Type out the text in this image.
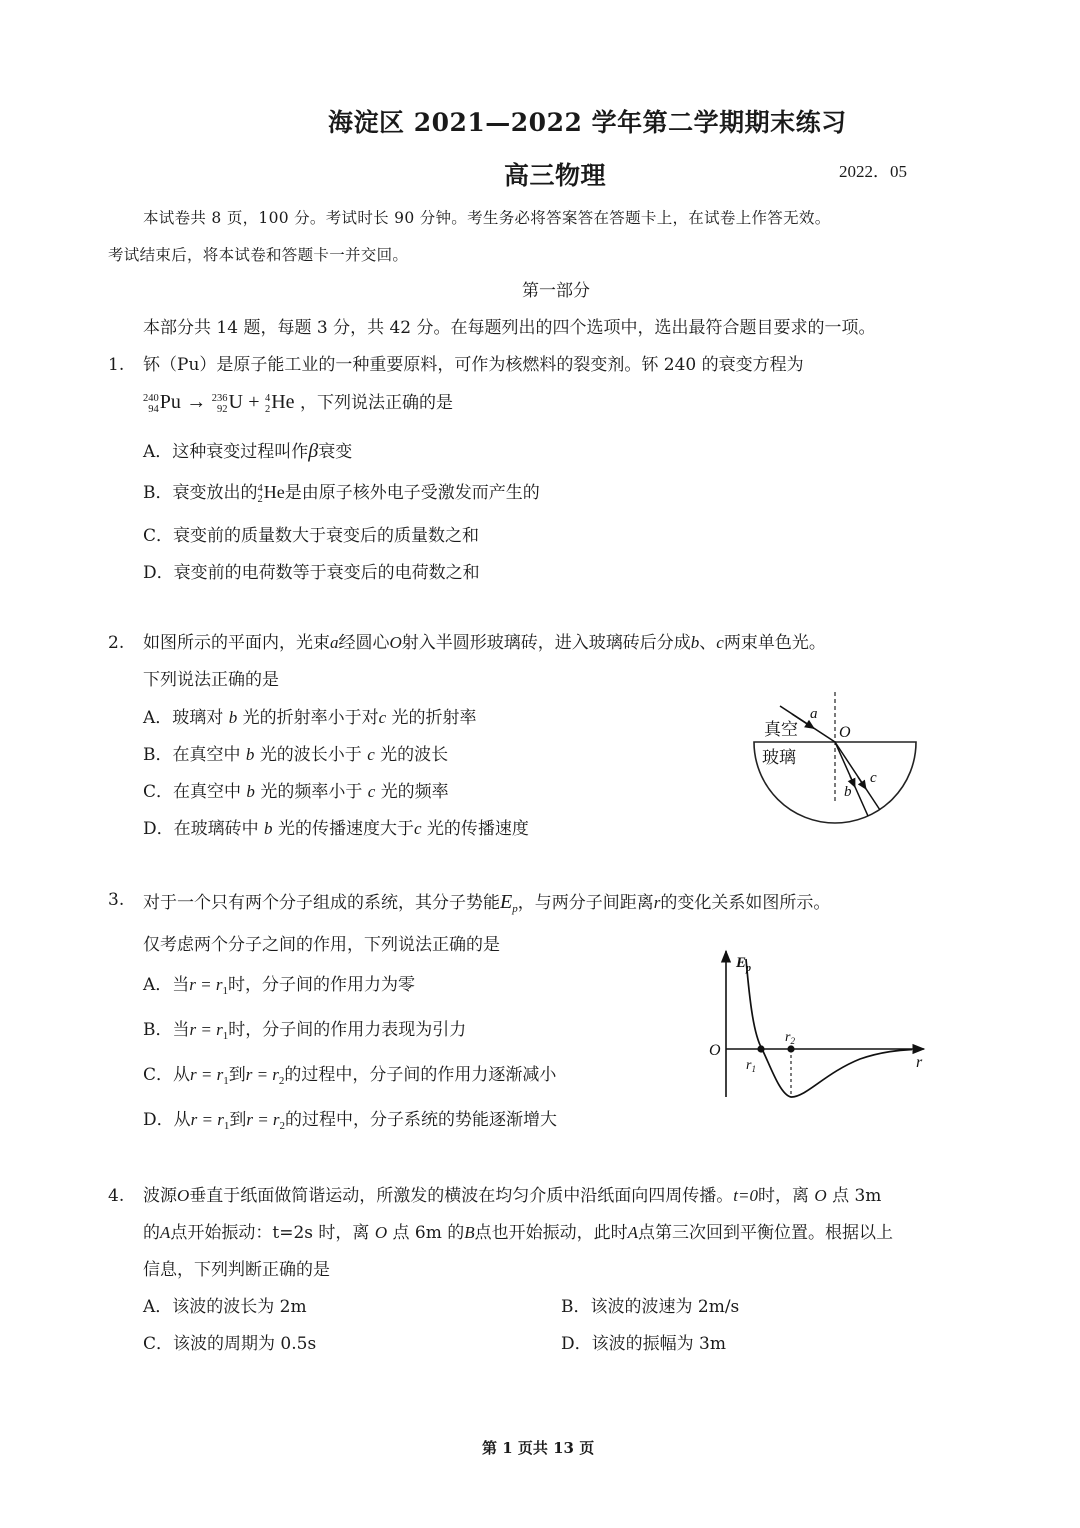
海淀区 2021—2022 学年第二学期期末练习
高三物理	2022．05
本试卷共 8 页，100 分。考试时长 90 分钟。考生务必将答案答在答题卡上，在试卷上作答无效。
考试结束后，将本试卷和答题卡一并交回。
第一部分
本部分共 14 题，每题 3 分，共 42 分。在每题列出的四个选项中，选出最符合题目要求的一项。
1. 钚（Pu）是原子能工业的一种重要原料，可作为核燃料的裂变剂。钚 240 的衰变方程为
240
94 Pu → 236
92 U + 4
2 He ，下列说法正确的是
A．这种衰变过程叫作β衰变
B．衰变放出的 4
2 He是由原子核外电子受激发而产生的
C．衰变前的质量数大于衰变后的质量数之和
D．衰变前的电荷数等于衰变后的电荷数之和
2. 如图所示的平面内，光束a经圆心O射入半圆形玻璃砖，进入玻璃砖后分成b、c两束单色光。
下列说法正确的是
A．玻璃对 b 光的折射率小于对c 光的折射率
B．在真空中 b 光的波长小于 c 光的波长
C．在真空中 b 光的频率小于 c 光的频率
D．在玻璃砖中 b 光的传播速度大于c 光的传播速度
真空
玻璃
a
O
b
c
3. 对于一个只有两个分子组成的系统，其分子势能$E_p$，与两分子间距离r的变化关系如图所示。
仅考虑两个分子之间的作用，下列说法正确的是
A．当$r = r_1$时，分子间的作用力为零
B．当$r = r_1$时，分子间的作用力表现为引力
C．从$r = r_1$到$r = r_2$的过程中，分子间的作用力逐渐减小
D．从$r = r_1$到$r = r_2$的过程中，分子系统的势能逐渐增大
$E_p$
O
r
$r_1$
$r_2$
4. 波源O垂直于纸面做简谐运动，所激发的横波在均匀介质中沿纸面向四周传播。t=0时，离 O 点 3m
的A点开始振动：t=2s 时，离 O 点 6m 的B点也开始振动，此时A点第三次回到平衡位置。根据以上
信息，下列判断正确的是
A．该波的波长为 2m	B．该波的波速为 2m/s
C．该波的周期为 0.5s	D．该波的振幅为 3m
第 1 页共 13 页
